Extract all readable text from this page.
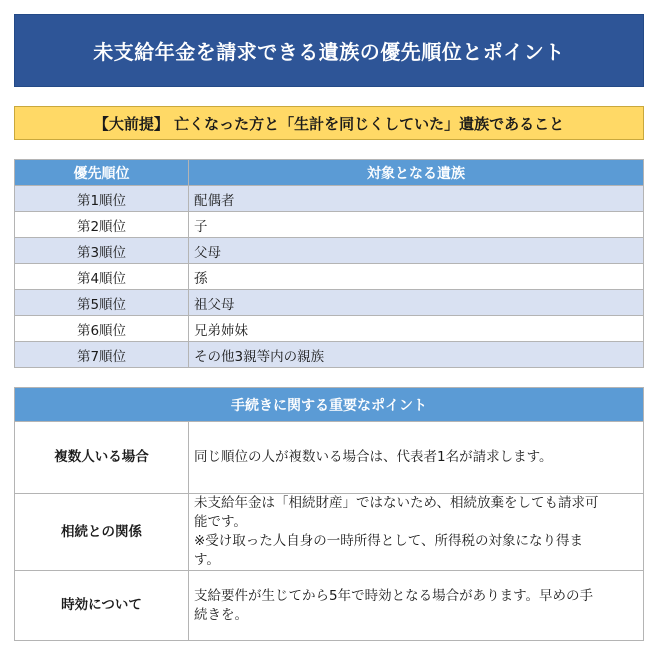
未支給年金を請求できる遺族の優先順位とポイント
【大前提】 亡くなった方と「生計を同じくしていた」遺族であること
優先順位	対象となる遺族
第1順位	配偶者
第2順位	子
第3順位	父母
第4順位	孫
第5順位	祖父母
第6順位	兄弟姉妹
第7順位	その他3親等内の親族
手続きに関する重要なポイント	
複数人いる場合	同じ順位の人が複数いる場合は、代表者1名が請求します。

相続との関係	未支給年金は「相続財産」ではないため、相続放棄をしても請求可
能です。
※受け取った人自身の一時所得として、所得税の対象になり得ま
す。

時効について	支給要件が生じてから5年で時効となる場合があります。早めの手
続きを。
